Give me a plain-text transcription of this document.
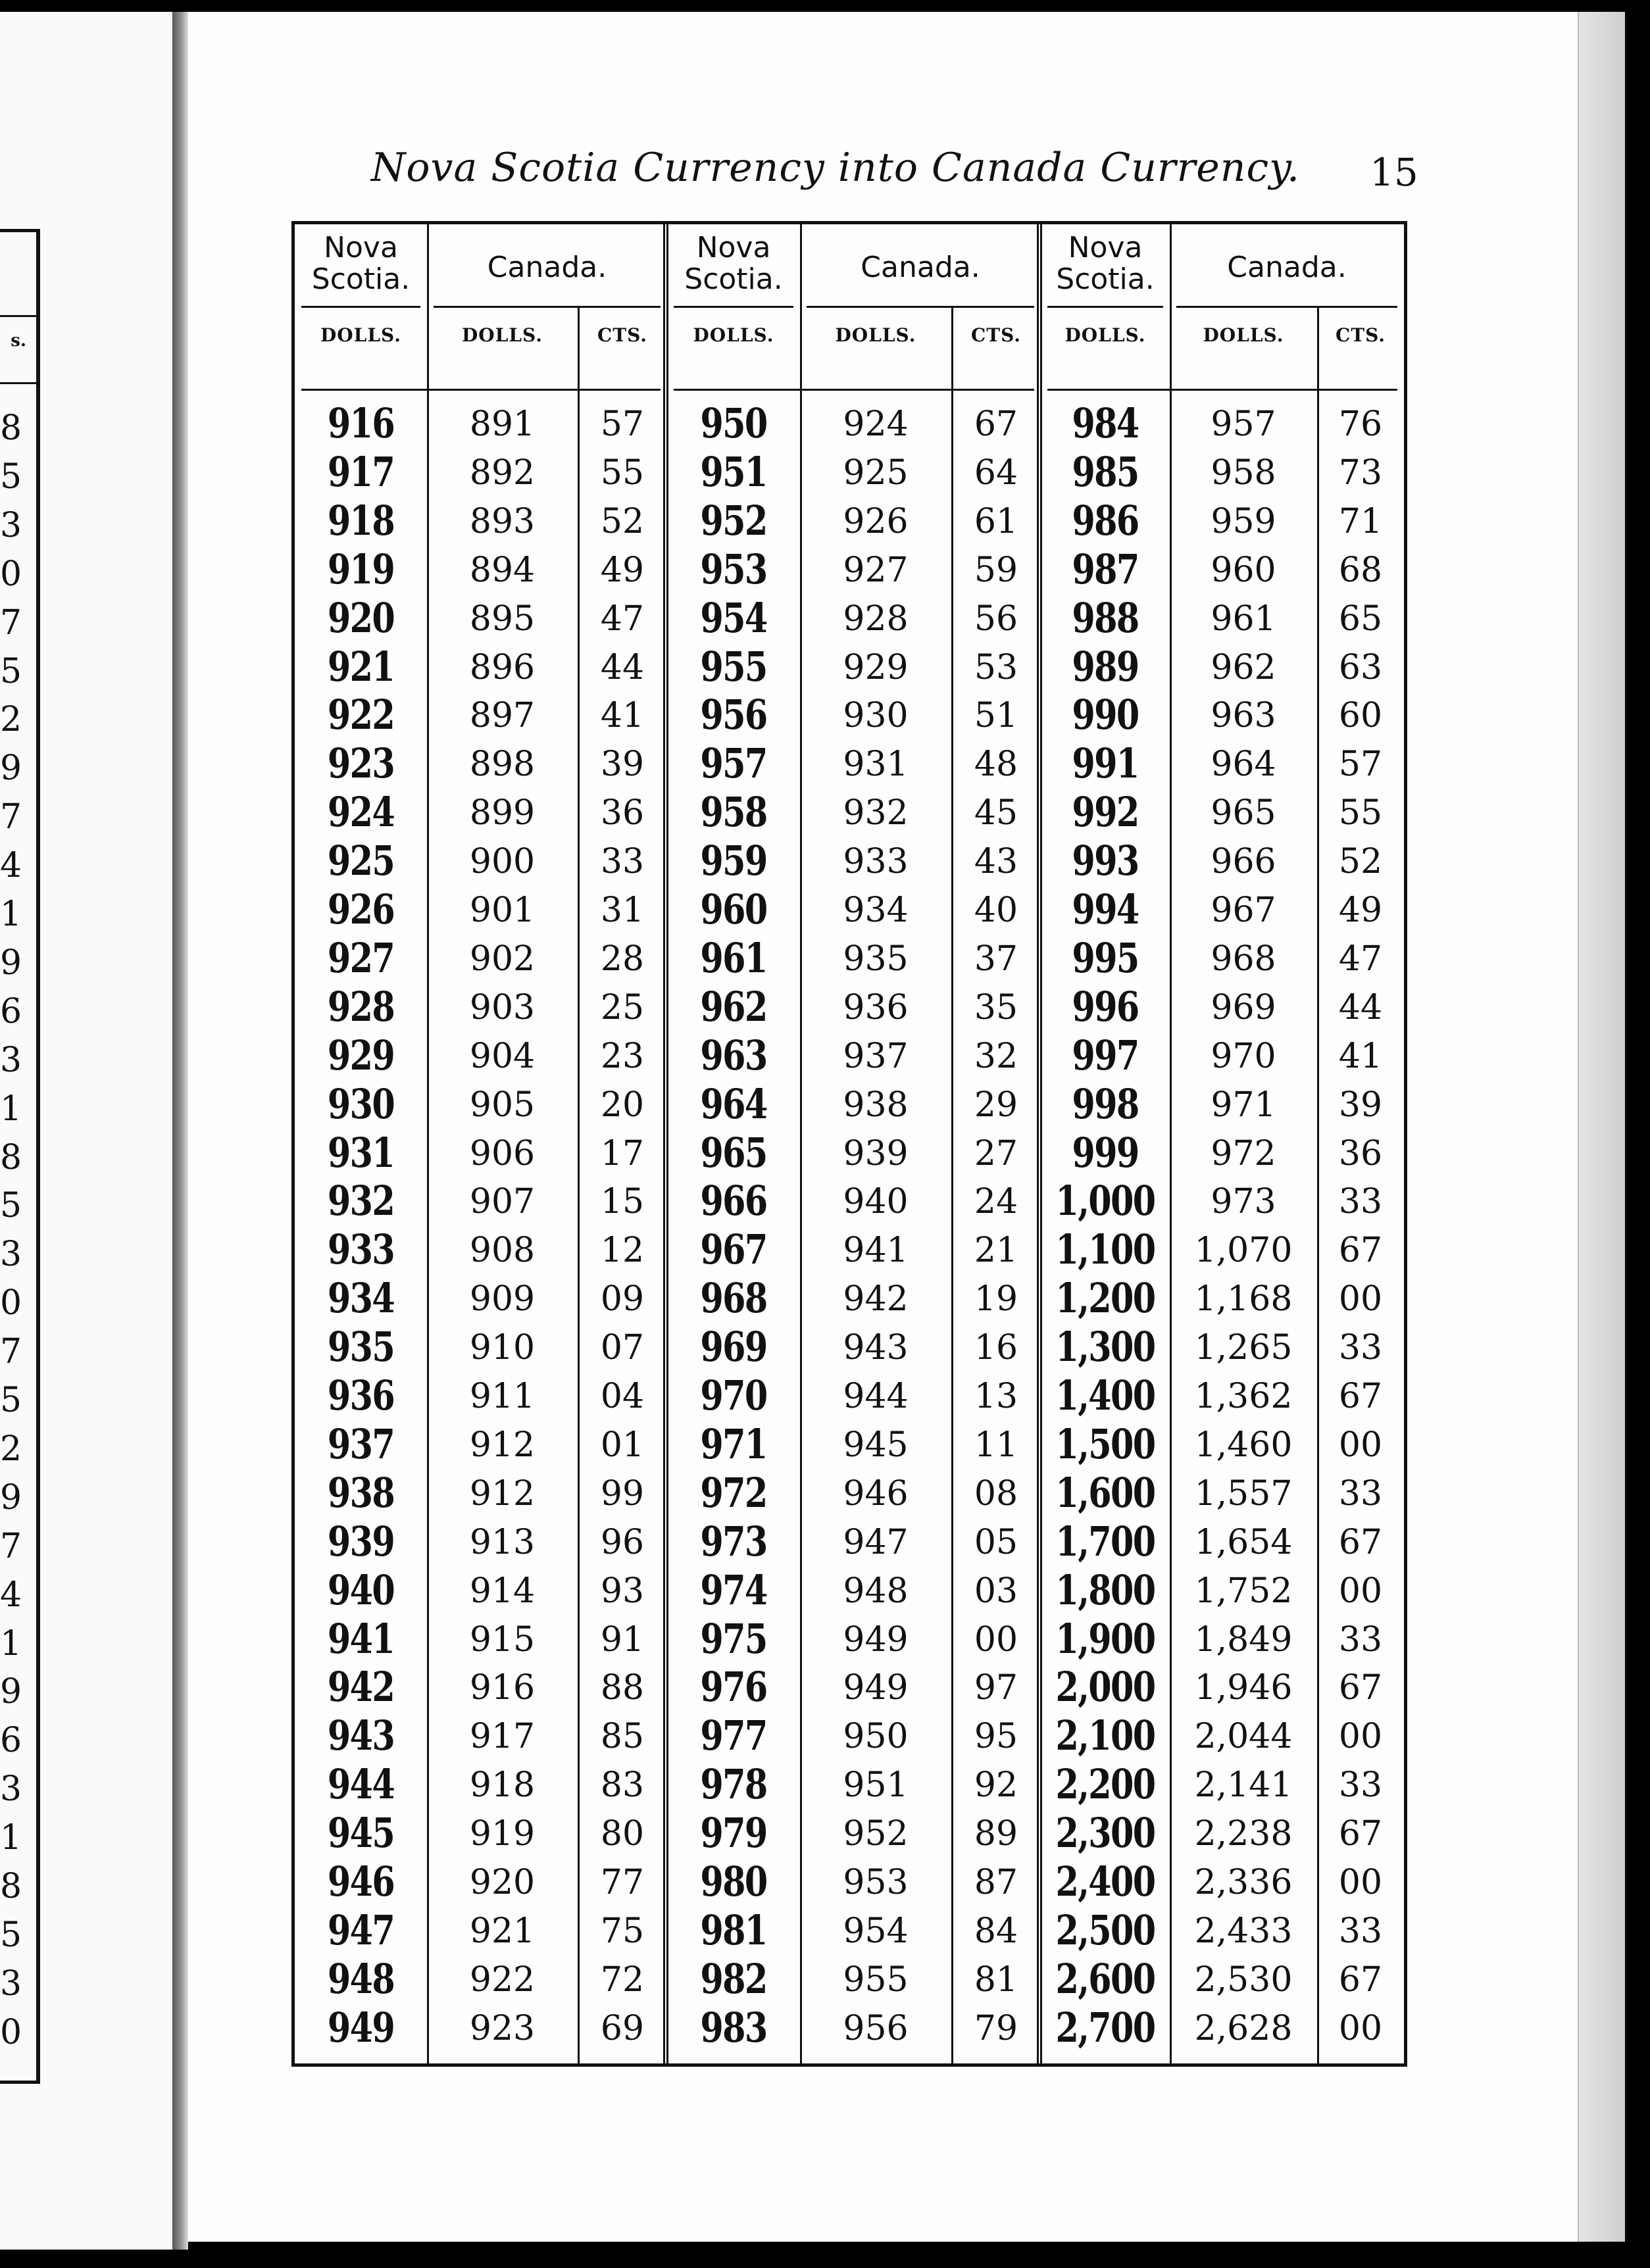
s.
8
5
3
0
7
5
2
9
7
4
1
9
6
3
1
8
5
3
0
7
5
2
9
7
4
1
9
6
3
1
8
5
3
0
Nova Scotia Currency into Canada Currency.	15
Nova Scotia.	Canada.
DOLLS.	DOLLS.	CTS.
916	891	57
917	892	55
918	893	52
919	894	49
920	895	47
921	896	44
922	897	41
923	898	39
924	899	36
925	900	33
926	901	31
927	902	28
928	903	25
929	904	23
930	905	20
931	906	17
932	907	15
933	908	12
934	909	09
935	910	07
936	911	04
937	912	01
938	912	99
939	913	96
940	914	93
941	915	91
942	916	88
943	917	85
944	918	83
945	919	80
946	920	77
947	921	75
948	922	72
949	923	69
Nova Scotia.	Canada.
DOLLS.	DOLLS.	CTS.
950	924	67
951	925	64
952	926	61
953	927	59
954	928	56
955	929	53
956	930	51
957	931	48
958	932	45
959	933	43
960	934	40
961	935	37
962	936	35
963	937	32
964	938	29
965	939	27
966	940	24
967	941	21
968	942	19
969	943	16
970	944	13
971	945	11
972	946	08
973	947	05
974	948	03
975	949	00
976	949	97
977	950	95
978	951	92
979	952	89
980	953	87
981	954	84
982	955	81
983	956	79
Nova Scotia.	Canada.
DOLLS.	DOLLS.	CTS.
984	957	76
985	958	73
986	959	71
987	960	68
988	961	65
989	962	63
990	963	60
991	964	57
992	965	55
993	966	52
994	967	49
995	968	47
996	969	44
997	970	41
998	971	39
999	972	36
1,000	973	33
1,100	1,070	67
1,200	1,168	00
1,300	1,265	33
1,400	1,362	67
1,500	1,460	00
1,600	1,557	33
1,700	1,654	67
1,800	1,752	00
1,900	1,849	33
2,000	1,946	67
2,100	2,044	00
2,200	2,141	33
2,300	2,238	67
2,400	2,336	00
2,500	2,433	33
2,600	2,530	67
2,700	2,628	00
